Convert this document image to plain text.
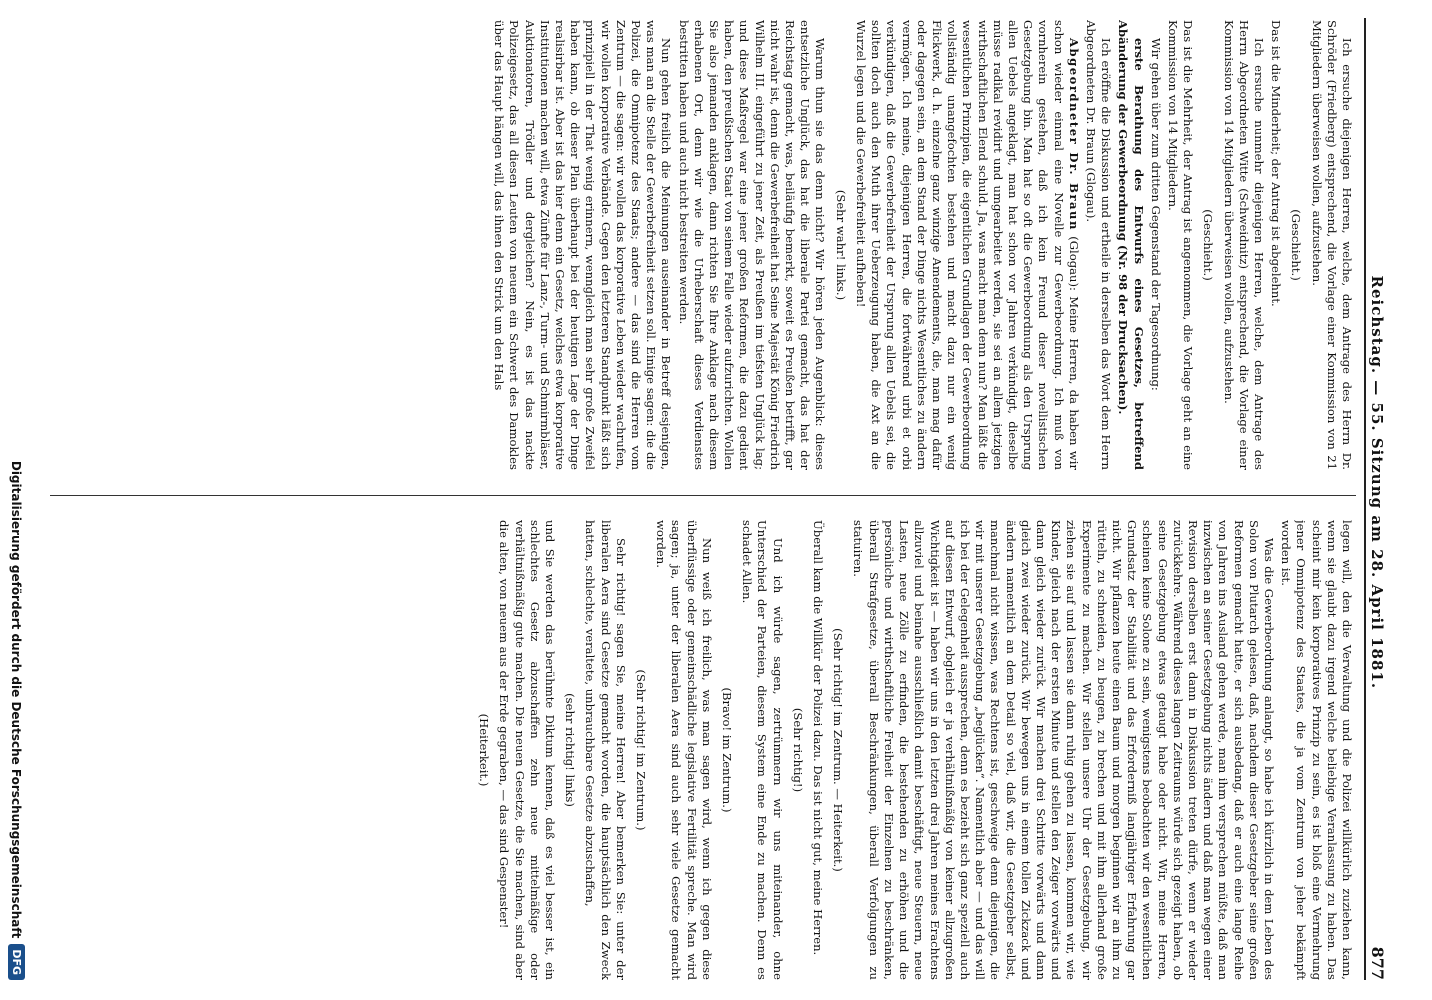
Reichstag. — 55. Sitzung am 28. April 1881.
877

Ich ersuche diejenigen Herren, welche, dem Antrage des Herrn Dr. Schröder (Friedberg) entsprechend, die Vorlage einer Kommission von 21 Mitgliedern überweisen wollen, aufzustehen.

(Geschieht.)

Das ist die Minderheit; der Antrag ist abgelehnt.

Ich ersuche nunmehr diejenigen Herren, welche, dem Antrage des Herrn Abgeordneten Witte (Schweidnitz) entsprechend, die Vorlage einer Kommission von 14 Mitgliedern überweisen wollen, aufzustehen.

(Geschieht.)

Das ist die Mehrheit, der Antrag ist angenommen, die Vorlage geht an eine Kommission von 14 Mitgliedern.

Wir gehen über zum dritten Gegenstand der Tagesordnung:

erste Berathung des Entwurfs eines Gesetzes, betreffend Abänderung der Gewerbeordnung (Nr. 98 der Drucksachen).

Ich eröffne die Diskussion und ertheile in derselben das Wort dem Herrn Abgeordneten Dr. Braun (Glogau).

Abgeordneter Dr. Braun (Glogau): Meine Herren, da haben wir schon wieder einmal eine Novelle zur Gewerbeordnung. Ich muß von vornherein gestehen, daß ich kein Freund dieser novellistischen Gesetzgebung bin. Man hat so oft die Gewerbeordnung als den Ursprung allen Uebels angeklagt, man hat schon vor Jahren verkündigt, dieselbe müsse radikal revidirt und umgearbeitet werden, sie sei an allem jetzigen wirthschaftlichen Elend schuld. Ja, was macht man denn nun? Man läßt die wesentlichen Prinzipien, die eigentlichen Grundlagen der Gewerbeordnung vollständig unangefochten bestehen und macht dazu nur ein wenig Flickwerk, d. h. einzelne ganz winzige Amendements, die, man mag dafür oder dagegen sein, an dem Stand der Dinge nichts Wesentliches zu ändern vermögen. Ich meine, diejenigen Herren, die fortwährend urbi et orbi verkündigen, daß die Gewerbefreiheit der Ursprung allen Uebels sei, die sollten doch auch den Muth ihrer Ueberzeugung haben, die Axt an die Wurzel legen und die Gewerbefreiheit aufheben!

(Sehr wahr! links.)

Warum thun sie das denn nicht? Wir hören jeden Augenblick: dieses entsetzliche Unglück, das hat die liberale Partei gemacht, das hat der Reichstag gemacht, was, beiläufig bemerkt, soweit es Preußen betrifft, gar nicht wahr ist, denn die Gewerbefreiheit hat Seine Majestät König Friedrich Wilhelm III. eingeführt zu jener Zeit, als Preußen im tiefsten Unglück lag; und diese Maßregel war eine jener großen Reformen, die dazu gedient haben, den preußischen Staat von seinem Falle wieder aufzurichten. Wollen Sie also jemanden anklagen, dann richten Sie Ihre Anklage nach diesem erhabenen Ort, denn wir wie die Urheberschaft dieses Verdienstes bestritten haben und auch nicht bestreiten werden.

Nun gehen freilich die Meinungen auseinander in Betreff desjenigen, was man an die Stelle der Gewerbefreiheit setzen soll. Einige sagen: die die Polizei, die Omnipotenz des Staats; andere — das sind die Herren vom Zentrum — die sagen: wir wollen das korporative Leben wieder wachrufen, wir wollen korporative Verbände. Gegen den letzteren Standpunkt läßt sich prinzipiell in der That wenig erinnern, wenngleich man sehr große Zweifel haben kann, ob dieser Plan überhaupt bei der heutigen Lage der Dinge realisirbar ist. Aber ist das hier denn ein Gesetz, welches etwa korporative Institutionen machen will, etwa Zünfte für Lanz-, Turm- und Schmirmbläser, Auktionatoren, Trödler und dergleichen? Nein, es ist das nackte Polizeigesetz, das all diesen Leuten von neuem ein Schwert des Damokles über das Haupt hängen will, das ihnen den Strick um den Hals

legen will, den die Verwaltung und die Polizei willkürlich zuziehen kann, wenn sie glaubt dazu irgend welche beliebige Veranlassung zu haben. Das scheint mir kein korporatives Prinzip zu sein, es ist bloß eine Vermehrung jener Omnipotenz des Staates, die ja vom Zentrum von jeher bekämpft worden ist.

Was die Gewerbeordnung anlangt, so habe ich kürzlich in dem Leben des Solon von Plutarch gelesen, daß, nachdem dieser Gesetzgeber seine großen Reformen gemacht hatte, er sich ausbedang, daß er auch eine lange Reihe von Jahren ins Ausland gehen werde, man ihm versprechen müßte, daß man inzwischen an seiner Gesetzgebung nichts ändern und daß man wegen einer Revision derselben erst dann in Diskussion treten dürfe, wenn er wieder zurückkehre. Während dieses langen Zeitraums würde sich gezeigt haben, ob seine Gesetzgebung etwas getaugt habe oder nicht. Wir, meine Herren, scheinen keine Solone zu sein, wenigstens beobachten wir den wesentlichen Grundsatz der Stabilität und das Erforderniß langjähriger Erfahrung gar nicht. Wir pflanzen heute einen Baum und morgen beginnen wir an ihm zu rütteln, zu schneiden, zu beugen, zu brechen und mit ihm allerhand große Experimente zu machen. Wir stellen unsere Uhr der Gesetzgebung, wir ziehen sie auf und lassen sie dann ruhig gehen zu lassen, kommen wir, wie Kinder, gleich nach der ersten Minute und stellen den Zeiger vorwärts und dann gleich wieder zurück. Wir machen drei Schritte vorwärts und dann gleich zwei wieder zurück. Wir bewegen uns in einem tollen Zickzack und ändern namentlich an dem Detail so viel, daß wir, die Gesetzgeber selbst, manchmal nicht wissen, was Rechtens ist, geschweige denn diejenigen, die wir mit unserer Gesetzgebung „beglücken“. Namentlich aber — und das will ich bei der Gelegenheit aussprechen, denn es bezieht sich ganz speziell auch auf diesen Entwurf, obgleich er ja verhältnißmäßig von keiner allzugroßen Wichtigkeit ist — haben wir uns in den letzten drei Jahren meines Erachtens allzuviel und beinahe ausschließlich damit beschäftigt, neue Steuern, neue Lasten, neue Zölle zu erfinden, die bestehenden zu erhöhen und die persönliche und wirthschaftliche Freiheit der Einzelnen zu beschränken, überall Strafgesetze, überall Beschränkungen, überall Verfolgungen zu statuiren.

(Sehr richtig! im Zentrum. — Heiterkeit.)

Überall kam die Willkür der Polizei dazu. Das ist nicht gut, meine Herren.

(Sehr richtig!)

Und ich würde sagen, zertrümmern wir uns miteinander, ohne Unterschied der Parteien, diesem System eine Ende zu machen. Denn es schadet Allen.

(Bravo! im Zentrum.)

Nun weiß ich freilich, was man sagen wird, wenn ich gegen diese überflüssige oder gemeinschädliche legislative Fertilität spreche. Man wird sagen; ja, unter der liberalen Aera sind auch sehr viele Gesetze gemacht worden.

(Sehr richtig! im Zentrum.)

Sehr richtig! sagen Sie, meine Herren! Aber bemerken Sie: unter der liberalen Aera sind Gesetze gemacht worden, die hauptsächlich den Zweck hatten, schlechte, veraltete, unbrauchbare Gesetze abzuschaffen,

(sehr richtig! links)

und Sie werden das berühmte Diktum kennen, daß es viel besser ist, ein schlechtes Gesetz abzuschaffen zehn neue mittelmäßige oder verhältnißmäßig gute machen. Die neuen Gesetze, die Sie machen, sind aber die alten, von neuem aus der Erde gegraben, — das sind Gespenster!

(Heiterkeit.)

Digitalisierung gefördert durch die Deutsche Forschungsgemeinschaft
DFG
